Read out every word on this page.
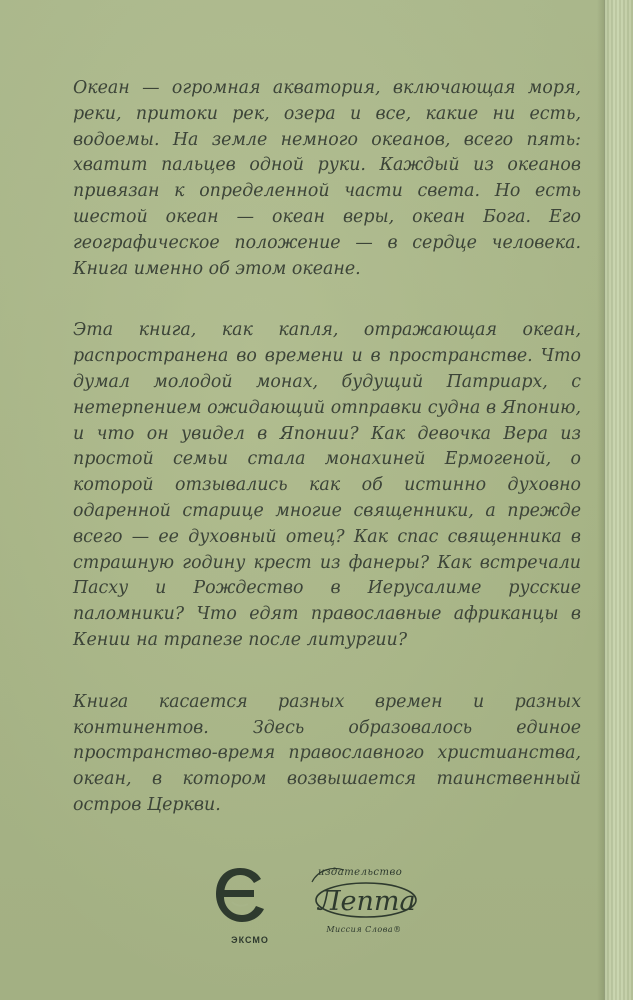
Океан — огромная акватория, включающая моря, реки, притоки рек, озера и все, какие ни есть, водоемы. На земле немного океанов, всего пять: хватит пальцев одной руки. Каждый из океанов привязан к определенной части света. Но есть шестой океан — океан веры, океан Бога. Его географическое положение — в сердце человека. Книга именно об этом океане.

Эта книга, как капля, отражающая океан, распространена во времени и в пространстве. Что думал молодой монах, будущий Патриарх, с нетерпением ожидающий отправки судна в Японию, и что он увидел в Японии? Как девочка Вера из простой семьи стала монахиней Ермогеной, о которой отзывались как об истинно духовно одаренной старице многие священники, а прежде всего — ее духовный отец? Как спас священника в страшную годину крест из фанеры? Как встречали Пасху и Рождество в Иерусалиме русские паломники? Что едят православные африканцы в Кении на трапезе после литургии?

Книга касается разных времен и разных континентов. Здесь образовалось единое пространство-время православного христианства, океан, в котором возвышается таинственный остров Церкви.

ЭКСМО
издательство
Лепта
Миссия Слова®
